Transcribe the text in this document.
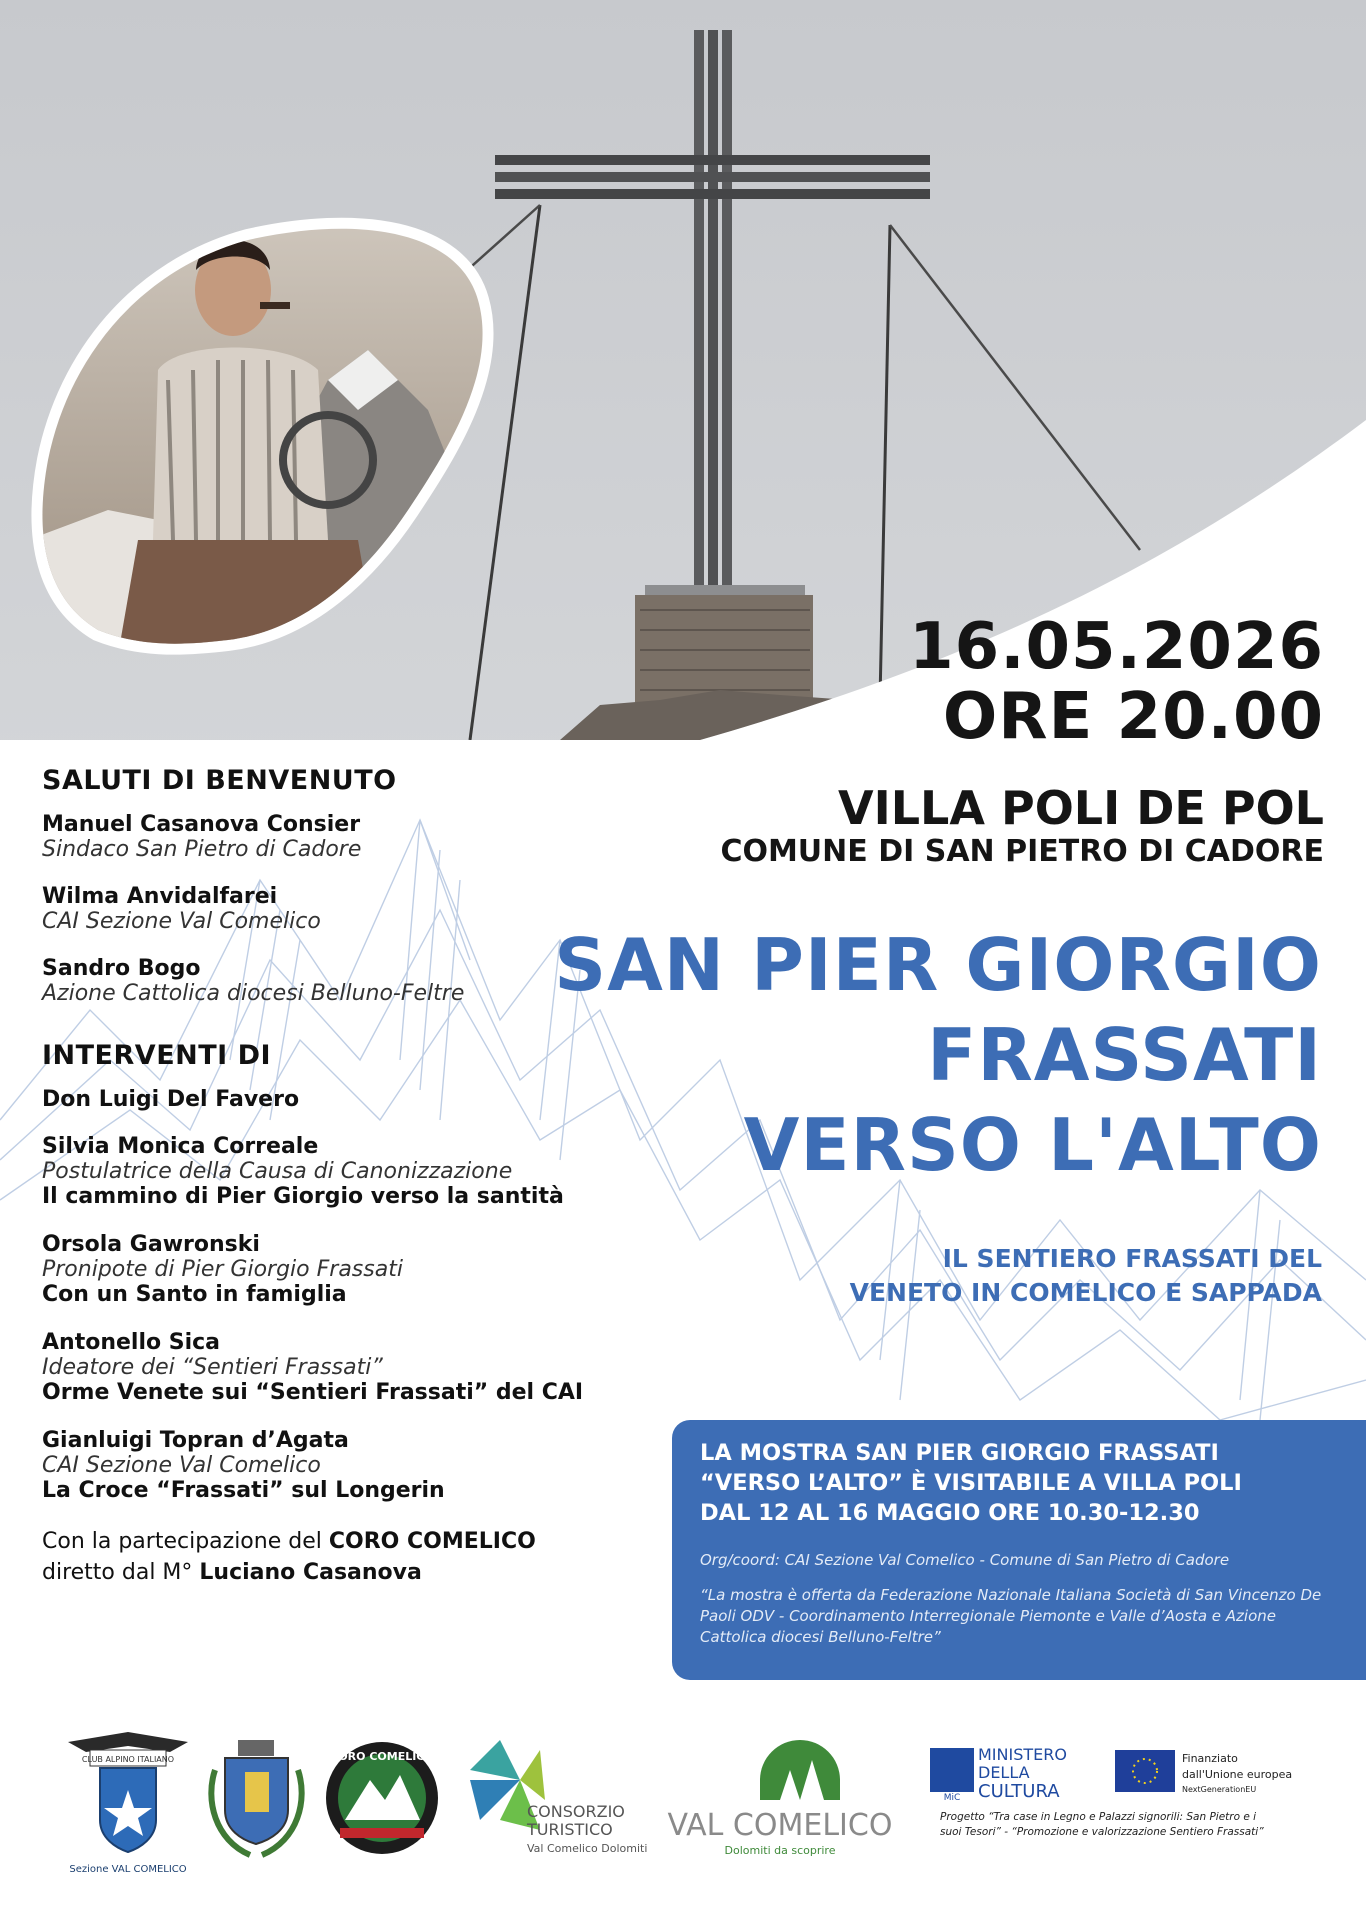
16.05.2026
ORE 20.00
VILLA POLI DE POL
COMUNE DI SAN PIETRO DI CADORE
SAN PIER GIORGIO
FRASSATI
VERSO L'ALTO
IL SENTIERO FRASSATI DEL
VENETO IN COMELICO E SAPPADA
SALUTI DI BENVENUTO
Manuel Casanova Consier
Sindaco San Pietro di Cadore
Wilma Anvidalfarei
CAI Sezione Val Comelico
Sandro Bogo
Azione Cattolica diocesi Belluno-Feltre
INTERVENTI DI
Don Luigi Del Favero
Silvia Monica Correale
Postulatrice della Causa di Canonizzazione
Il cammino di Pier Giorgio verso la santità
Orsola Gawronski
Pronipote di Pier Giorgio Frassati
Con un Santo in famiglia
Antonello Sica
Ideatore dei “Sentieri Frassati”
Orme Venete sui “Sentieri Frassati” del CAI
Gianluigi Topran d’Agata
CAI Sezione Val Comelico
La Croce “Frassati” sul Longerin
Con la partecipazione del CORO COMELICO
diretto dal M° Luciano Casanova
LA MOSTRA SAN PIER GIORGIO FRASSATI
“VERSO L’ALTO” È VISITABILE A VILLA POLI
DAL 12 AL 16 MAGGIO ORE 10.30-12.30
Org/coord: CAI Sezione Val Comelico - Comune di San Pietro di Cadore
“La mostra è offerta da Federazione Nazionale Italiana Società di San Vincenzo De Paoli ODV - Coordinamento Interregionale Piemonte e Valle d’Aosta e Azione Cattolica diocesi Belluno-Feltre”
CLUB ALPINO ITALIANO
Sezione VAL COMELICO
CORO COMELICO
CONSORZIO
TURISTICO
Val Comelico Dolomiti
VAL COMELICO
Dolomiti da scoprire
MiC
MINISTERO
DELLA
CULTURA
Finanziato
dall'Unione europea
NextGenerationEU
Progetto “Tra case in Legno e Palazzi signorili: San Pietro e i
suoi Tesori” - “Promozione e valorizzazione Sentiero Frassati”
